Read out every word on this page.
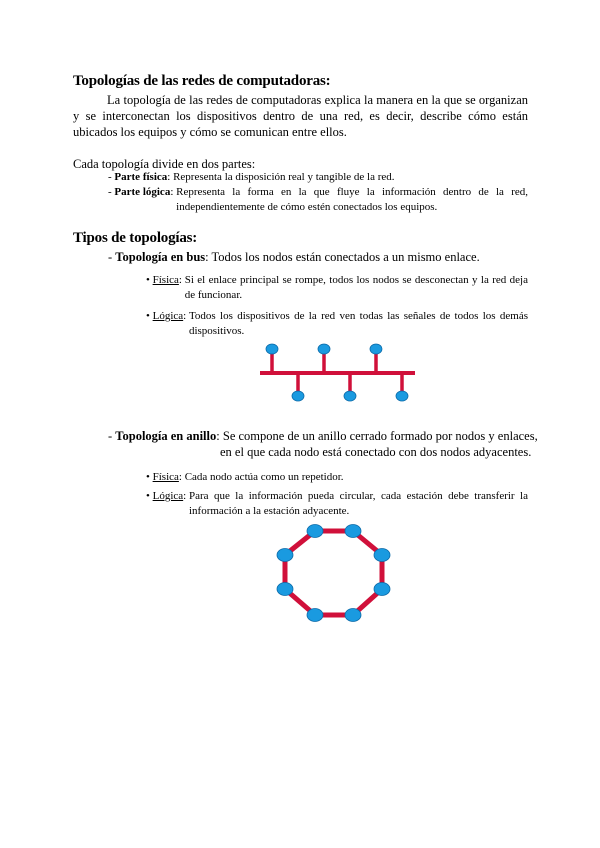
Topologías de las redes de computadoras:
La topología de las redes de computadoras explica la manera en la que se organizan y se interconectan los dispositivos dentro de una red, es decir, describe cómo están ubicados los equipos y cómo se comunican entre ellos.
Cada topología divide en dos partes:
- Parte física: Representa la disposición real y tangible de la red.
- Parte lógica: Representa la forma en la que fluye la información dentro de la red, independientemente de cómo estén conectados los equipos.
Tipos de topologías:
- Topología en bus: Todos los nodos están conectados a un mismo enlace.
• Física: Si el enlace principal se rompe, todos los nodos se desconectan y la red deja de funcionar.
• Lógica: Todos los dispositivos de la red ven todas las señales de todos los demás dispositivos.
- Topología en anillo: Se compone de un anillo cerrado formado por nodos y enlaces,
en el que cada nodo está conectado con dos nodos adyacentes.
• Física: Cada nodo actúa como un repetidor.
• Lógica: Para que la información pueda circular, cada estación debe transferir la información a la estación adyacente.
